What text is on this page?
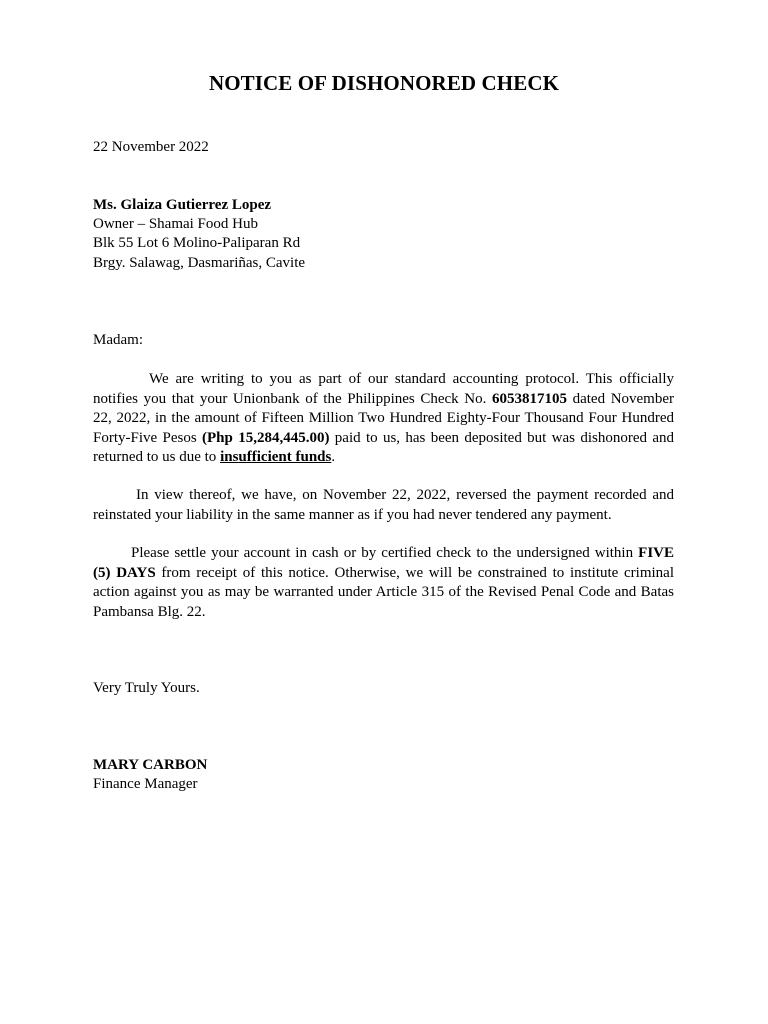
NOTICE OF DISHONORED CHECK

22 November 2022

Ms. Glaiza Gutierrez Lopez

Owner – Shamai Food Hub

Blk 55 Lot 6 Molino-Paliparan Rd

Brgy. Salawag, Dasmariñas, Cavite

Madam:

We are writing to you as part of our standard accounting protocol. This officially notifies you that your Unionbank of the Philippines Check No. 6053817105 dated November 22, 2022, in the amount of Fifteen Million Two Hundred Eighty-Four Thousand Four Hundred Forty-Five Pesos (Php 15,284,445.00) paid to us, has been deposited but was dishonored and returned to us due to insufficient funds.

In view thereof, we have, on November 22, 2022, reversed the payment recorded and reinstated your liability in the same manner as if you had never tendered any payment.

Please settle your account in cash or by certified check to the undersigned within FIVE (5) DAYS from receipt of this notice. Otherwise, we will be constrained to institute criminal action against you as may be warranted under Article 315 of the Revised Penal Code and Batas Pambansa Blg. 22.

Very Truly Yours.

MARY CARBON

Finance Manager
